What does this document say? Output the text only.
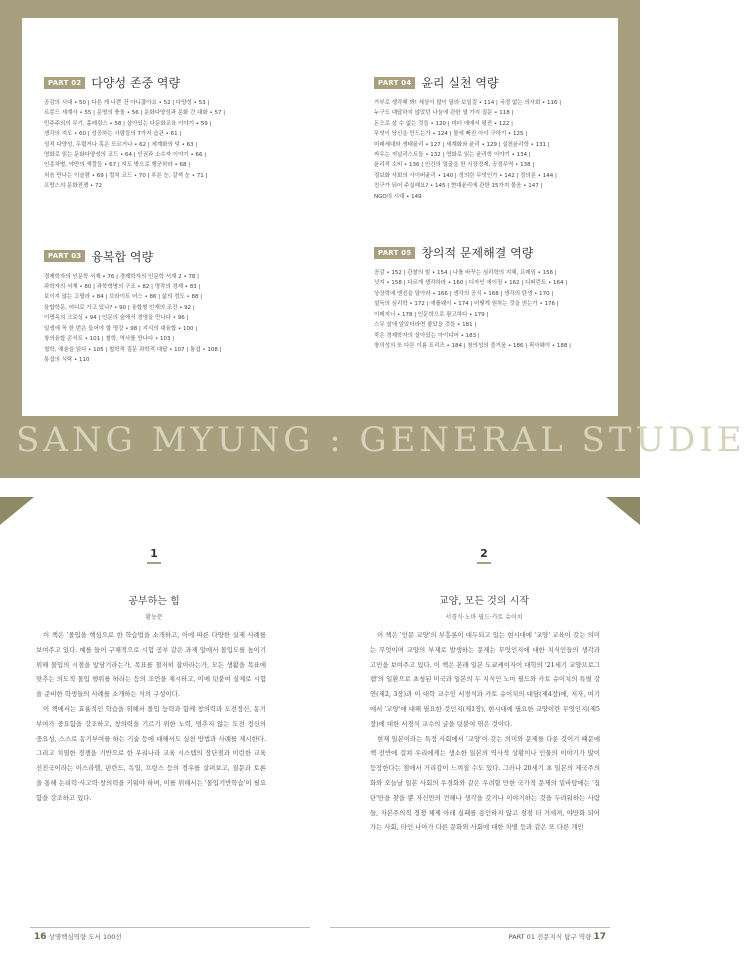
PART 02 다양성 존중 역량
공감의 시대 • 50 | 다른 게 나쁜 건 아니잖아요 • 52 | 다양성 • 53 |
르몽드 세계사 • 55 | 문명의 충돌 • 56 | 문화다양성과 문화 간 대화 • 57 |
민주주의의 무기, 홀레링스 • 58 | 살아있는 다문화교육 이야기 • 59 |
생각의 지도 • 60 | 성공하는 사람들의 7가지 습관 • 61 |
성적 다양성, 두렵거나 혹은 모르거나 • 62 | 세계화의 덫 • 63 |
영화로 읽는 문화다양성의 코드 • 64 | 인권과 소수자 이야기 • 66 |
인종차별, 야만의 색깔들 • 67 | 지도 밖으로 행군하라 • 68 |
처음 만나는 이슬람 • 69 | 컬처 코드 • 70 | 푸른 눈, 갈색 눈 • 71 |
프랑스의 문화전쟁 • 72
PART 03 융복합 역량
경제학자의 인문학 서재 • 76 | 경제학자의 인문학 서재 2 • 78 |
과학자의 서재 • 80 | 과학혁명의 구조 • 82 | 명작의 경제 • 83 |
보이지 않는 고릴라 • 84 | 브라이트 어스 • 86 | 삶의 정도 • 88 |
융합학문, 어디로 가고 있나? • 90 | 융합형 인재의 조건 • 92 |
이명옥의 크로싱 • 94 | 인문의 숲에서 경영을 만나다 • 96 |
일생에 꼭 한 번은 들어야 할 명강 • 98 | 지식의 대융합 • 100 |
창의융합 콘서트 • 101 | 철학, 역사를 만나다 • 103 |
철학, 예술을 읽다 • 105 | 철학적 질문 과학적 대답 • 107 | 통섭 • 108 |
통섭의 식탁 • 110
PART 04 윤리 실천 역량
가부로 생각해 봐! 세상이 많이 달라 보일걸 • 114 | 국경 없는 의사회 • 116 |
누구도 대답하지 않았던 나눔에 관한 열 가지 질문 • 118 |
돈으로 살 수 없는 것들 • 120 | 미더 애에서 평전 • 122 |
무엇이 당신을 만드는가 • 124 | 물에 빠진 아이 구하기 • 125 |
미래세대와 생태윤리 • 127 | 세계화와 윤리 • 129 | 실천윤리학 • 131 |
싸우는 저널리스트들 • 132 | 영화로 읽는 윤리학 이야기 • 134 |
윤리적 소비 • 136 | 인간의 얼굴을 한 시장경제, 공정무역 • 138 |
정보화 사회의 사이버윤리 • 140 | 정의란 무엇인가 • 142 | 정의론 • 144 |
친구가 되어 주실래요? • 145 | 현대윤리에 관한 15가지 물음 • 147 |
NGO의 시대 • 149
PART 05 창의적 문제해결 역량
공감 • 152 | 관찰의 힘 • 154 | 나를 바꾸는 심리학의 지혜, 프레임 • 156 |
넛지 • 158 | 다르게 생각하라 • 160 | 디자인 에이징 • 162 | 디퍼런트 • 164 |
상상력에 엔진을 달아라 • 166 | 생각의 공식 • 168 | 생각의 탄생 • 170 |
설득의 심리학 • 172 | 애플웨이 • 174 | 어떻게 원하는 것을 얻는가 • 176 |
이매지너 • 178 | 인문학으로 광고하다 • 179 |
스무 살에 알았더라면 좋았을 것들 • 181 |
죽은 경제학자의 살아있는 아이디어 • 183 |
창의성의 또 다른 이름 트리즈 • 184 | 창의성의 즐거움 • 186 | 픽사웨이 • 188 |
SANG MYUNG : GENERAL STUDIE
1
공부하는 힘
황농문

이 책은 '몰입을 핵심으로 한 학습법을 소개하고, 이에 따른 다양한 실제 사례를 보여주고 있다. 예를 들어 구체적으로 시험 공부 같은 과제 앞에서 몰입도를 높이기 위해 몰입의 시점을 앞당기라는가, 목표를 철저히 잡아라는가, 모든 생활을 목표에 맞추는 의도적 몰입 행위를 하라는 등의 조언을 제시하고, 이에 덧붙여 실제로 시험을 준비한 학생들의 사례를 소개하는 식의 구성이다.

이 책에서는 효율적인 학습을 위해서 몰입 능력과 함께 창의력과 도전정신, 동기부여가 중요함을 강조하고, 창의력을 기르기 위한 노력, 멈추지 않는 도전 정신의 중요성, 스스로 동기부여를 하는 기술 등에 대해서도 실천 방법과 사례를 제시한다. 그리고 치열한 경쟁을 기반으로 한 우리나라 교육 시스템의 장단점과 이런한 교육 선진국이라는 이스라엘, 핀란드, 독일, 프랑스 등의 경우를 살펴보고, 질문과 토론을 통해 논리력·사고력·창의력을 키워야 하며, 이를 위해서는 '몰입기반학습'이 필요함을 강조하고 있다.

2
교양, 모든 것의 시작
서경식·노마 필드·카토 슈이치

이 책은 '인문 교양'의 부흥론이 대두되고 있는 현시대에 '교양' 교육이 갖는 의미는 무엇이며 교양의 부재로 발생하는 문제는 무엇인지에 대한 지식인들의 생각과 고민을 보여주고 있다. 이 책은 본래 일본 도쿄케이자이 대학의 '21세기 교양프로그램'의 일환으로 초청된 미국과 일본의 두 지식인 노마 필드와 카토 슈이치의 특별 강연(제2, 3장)과 이 대학 교수인 서경식과 카토 슈이치의 대담(제4장)에, 저자, 여기에서 '교양'에 대해 필요한 것인지(제1장), 현시대에 필요한 교양이란 무엇인지(제5장)에 대한 서경식 교수의 글을 덧붙여 엮은 것이다.

현재 일본이라는 특정 사회에서 '교양'이 갖는 의미와 문제를 다룬 것이기 때문에 책 전반에 걸쳐 우리에게는 생소한 일본의 역사적 상황이나 인물의 이야기가 많이 등장한다는 점에서 거리감이 느껴질 수도 있다. 그러나 20세기 초 일본의 제국주의화와 오늘날 일본 사회의 우경화와 같은 우려할 만한 국가적 문제의 밑바탕에는 '집단'만을 찾을 뿐 자신만의 견해나 생각을 갖거나 이야기하는 것을 두려워하는 사람들, 자본주의적 경쟁 체제 아래 실패를 용인하지 않고 점점 더 거세져, 야만화 되어 가는 사회, 타인 나아가 다른 문화와 사회에 대한 차별 등과 같은 또 다른 개인

16 상명핵심역량 도서 100선	PART 01 전문지식 탐구 역량 17
